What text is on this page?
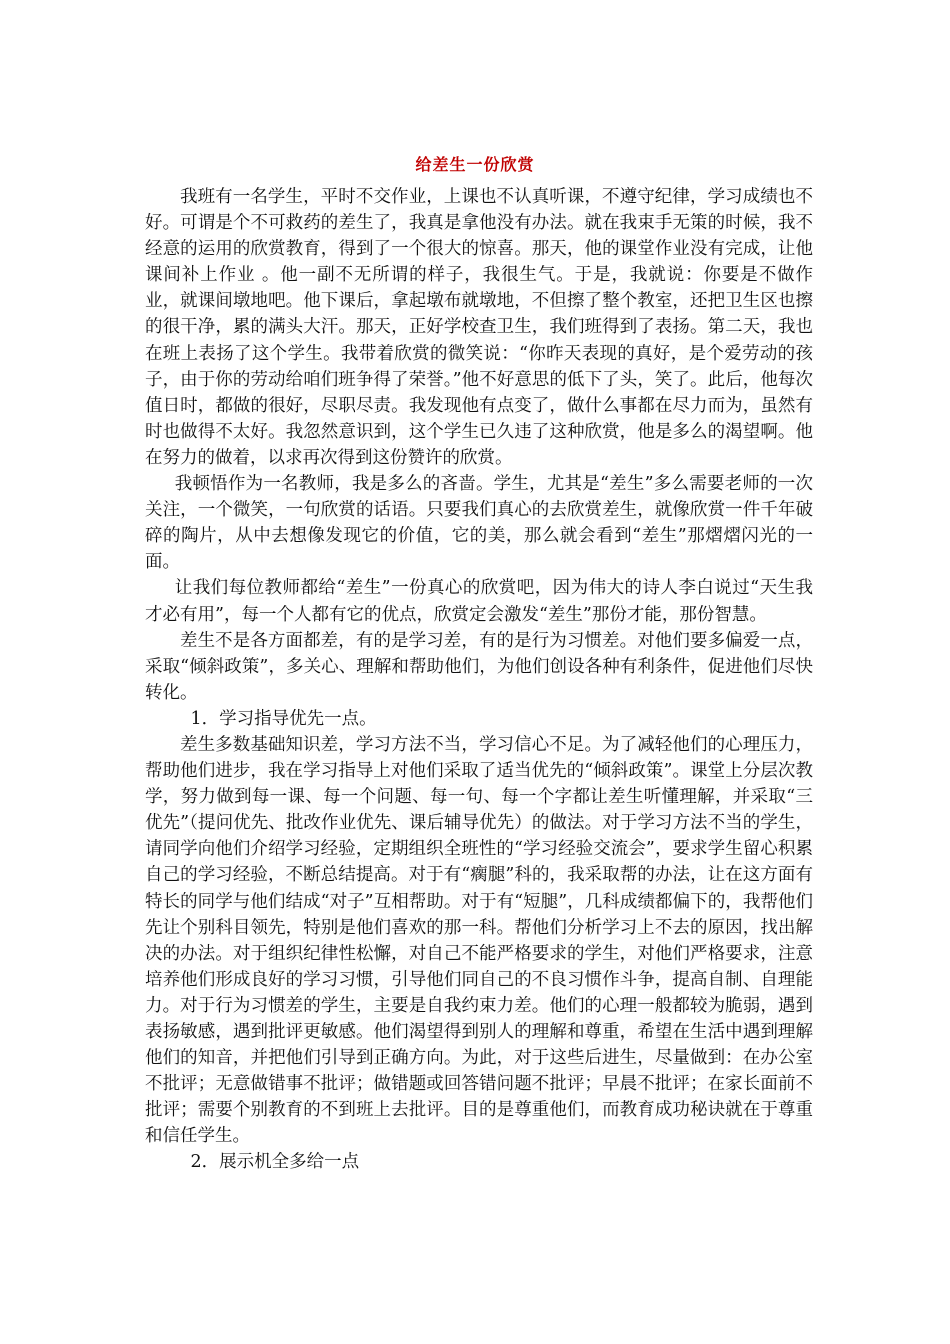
给差生一份欣赏

我班有一名学生，平时不交作业，上课也不认真听课，不遵守纪律，学习成绩也不好。可谓是个不可救药的差生了，我真是拿他没有办法。就在我束手无策的时候，我不经意的运用的欣赏教育，得到了一个很大的惊喜。那天，他的课堂作业没有完成，让他课间补上作业 。他一副不无所谓的样子，我很生气。于是，我就说：你要是不做作业，就课间墩地吧。他下课后，拿起墩布就墩地，不但擦了整个教室，还把卫生区也擦的很干净，累的满头大汗。那天，正好学校查卫生，我们班得到了表扬。第二天，我也在班上表扬了这个学生。我带着欣赏的微笑说：“你昨天表现的真好，是个爱劳动的孩子，由于你的劳动给咱们班争得了荣誉。”他不好意思的低下了头，笑了。此后，他每次值日时，都做的很好，尽职尽责。我发现他有点变了，做什么事都在尽力而为，虽然有时也做得不太好。我忽然意识到，这个学生已久违了这种欣赏，他是多么的渴望啊。他在努力的做着，以求再次得到这份赞许的欣赏。

我顿悟作为一名教师，我是多么的吝啬。学生，尤其是“差生”多么需要老师的一次关注，一个微笑，一句欣赏的话语。只要我们真心的去欣赏差生，就像欣赏一件千年破碎的陶片，从中去想像发现它的价值，它的美，那么就会看到“差生”那熠熠闪光的一面。

让我们每位教师都给“差生”一份真心的欣赏吧，因为伟大的诗人李白说过“天生我才必有用”，每一个人都有它的优点，欣赏定会激发“差生”那份才能，那份智慧。

差生不是各方面都差，有的是学习差，有的是行为习惯差。对他们要多偏爱一点，采取“倾斜政策”，多关心、理解和帮助他们，为他们创设各种有利条件，促进他们尽快转化。

1．学习指导优先一点。

差生多数基础知识差，学习方法不当，学习信心不足。为了减轻他们的心理压力，帮助他们进步，我在学习指导上对他们采取了适当优先的“倾斜政策”。课堂上分层次教学，努力做到每一课、每一个问题、每一句、每一个字都让差生听懂理解，并采取“三优先”（提问优先、批改作业优先、课后辅导优先）的做法。对于学习方法不当的学生，请同学向他们介绍学习经验，定期组织全班性的“学习经验交流会”，要求学生留心积累自己的学习经验，不断总结提高。对于有“瘸腿”科的，我采取帮的办法，让在这方面有特长的同学与他们结成“对子”互相帮助。对于有“短腿”，几科成绩都偏下的，我帮他们先让个别科目领先，特别是他们喜欢的那一科。帮他们分析学习上不去的原因，找出解决的办法。对于组织纪律性松懈，对自己不能严格要求的学生，对他们严格要求，注意培养他们形成良好的学习习惯，引导他们同自己的不良习惯作斗争，提高自制、自理能力。对于行为习惯差的学生，主要是自我约束力差。他们的心理一般都较为脆弱，遇到表扬敏感，遇到批评更敏感。他们渴望得到别人的理解和尊重，希望在生活中遇到理解他们的知音，并把他们引导到正确方向。为此，对于这些后进生，尽量做到：在办公室不批评；无意做错事不批评；做错题或回答错问题不批评；早晨不批评；在家长面前不批评；需要个别教育的不到班上去批评。目的是尊重他们，而教育成功秘诀就在于尊重和信任学生。

2．展示机全多给一点
